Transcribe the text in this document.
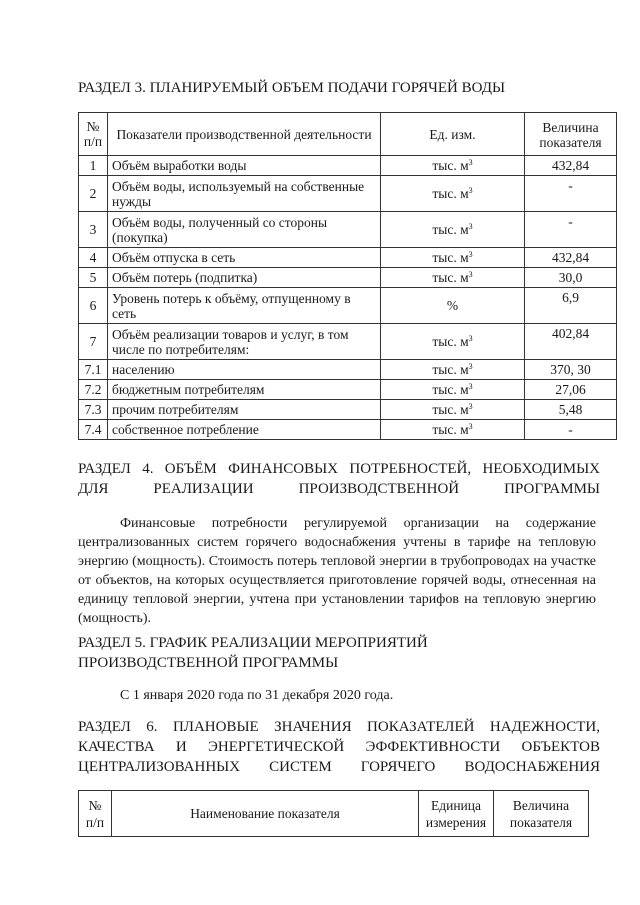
РАЗДЕЛ 3. ПЛАНИРУЕМЫЙ ОБЪЕМ ПОДАЧИ ГОРЯЧЕЙ ВОДЫ
№ п/п	Показатели производственной деятельности	Ед. изм.	Величина показателя
1	Объём выработки воды	тыс. $м^3$	432,84
2	Объём воды, используемый на собственные нужды	тыс. $м^3$	-
3	Объём воды, полученный со стороны (покупка)	тыс. $м^3$	-
4	Объём отпуска в сеть	тыс. $м^3$	432,84
5	Объём потерь (подпитка)	тыс. $м^3$	30,0
6	Уровень потерь к объёму, отпущенному в сеть	%	6,9
7	Объём реализации товаров и услуг, в том числе по потребителям:	тыс. $м^3$	402,84
7.1	населению	тыс. $м^3$	370, 30
7.2	бюджетным потребителям	тыс. $м^3$	27,06
7.3	прочим потребителям	тыс. $м^3$	5,48
7.4	собственное потребление	тыс. $м^3$	-
РАЗДЕЛ 4. ОБЪЁМ ФИНАНСОВЫХ ПОТРЕБНОСТЕЙ, НЕОБХОДИМЫХ
ДЛЯ РЕАЛИЗАЦИИ ПРОИЗВОДСТВЕННОЙ ПРОГРАММЫ

Финансовые потребности регулируемой организации на содержание централизованных систем горячего водоснабжения учтены в тарифе на тепловую энергию (мощность). Стоимость потерь тепловой энергии в трубопроводах на участке от объектов, на которых осуществляется приготовление горячей воды, отнесенная на единицу тепловой энергии, учтена при установлении тарифов на тепловую энергию (мощность).

РАЗДЕЛ 5. ГРАФИК РЕАЛИЗАЦИИ МЕРОПРИЯТИЙ
ПРОИЗВОДСТВЕННОЙ ПРОГРАММЫ

С 1 января 2020 года по 31 декабря 2020 года.

РАЗДЕЛ 6. ПЛАНОВЫЕ ЗНАЧЕНИЯ ПОКАЗАТЕЛЕЙ НАДЕЖНОСТИ, КАЧЕСТВА И ЭНЕРГЕТИЧЕСКОЙ ЭФФЕКТИВНОСТИ ОБЪЕКТОВ
ЦЕНТРАЛИЗОВАННЫХ СИСТЕМ ГОРЯЧЕГО ВОДОСНАБЖЕНИЯ
№ п/п	Наименование показателя	Единица измерения	Величина показателя
